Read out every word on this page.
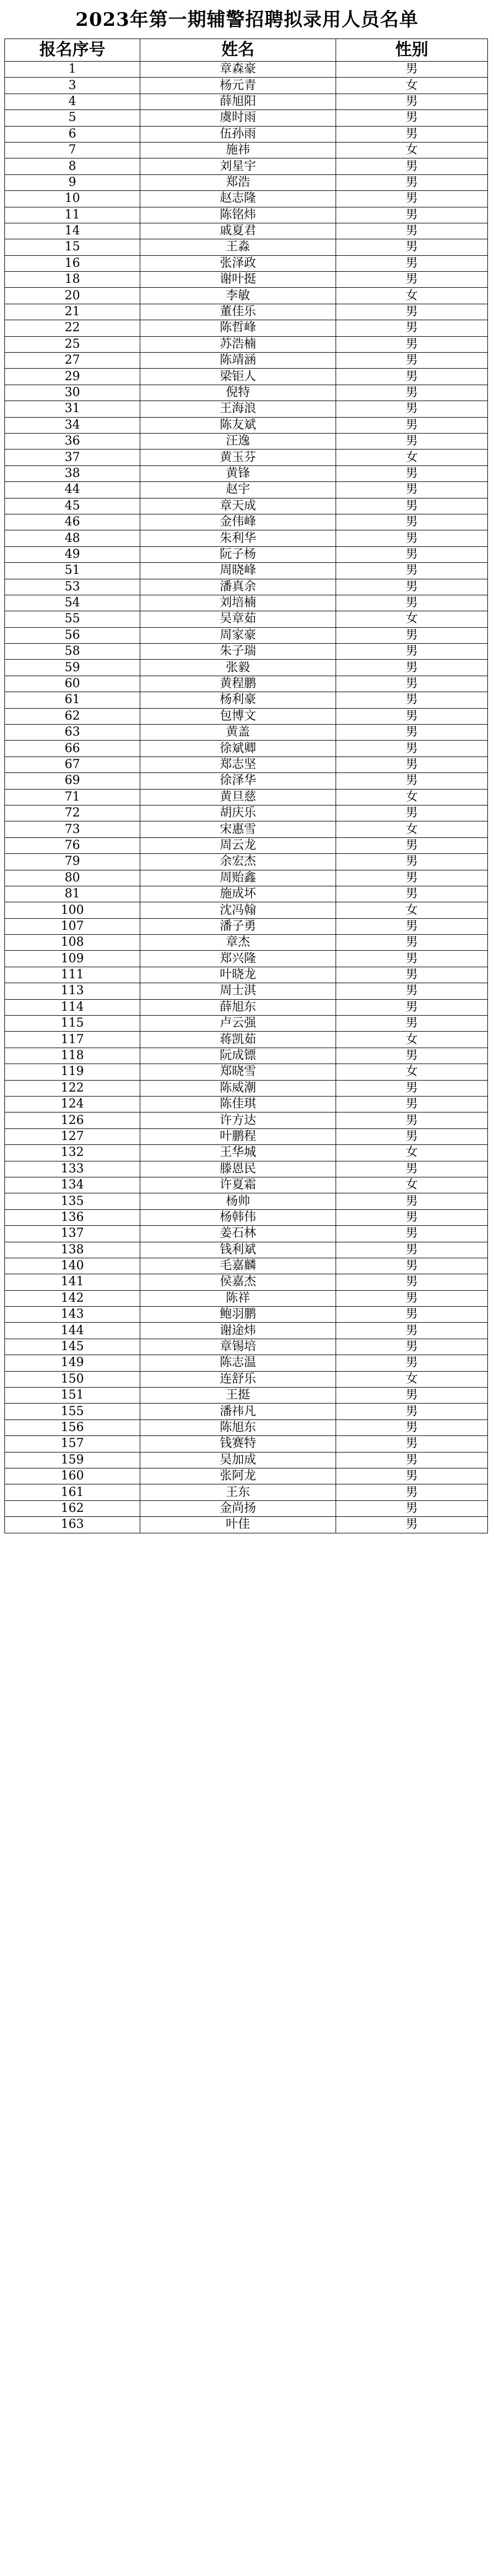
2023年第一期辅警招聘拟录用人员名单
报名序号	姓名	性别
1	章森豪	男
3	杨元青	女
4	薛旭阳	男
5	虞时雨	男
6	伍孙雨	男
7	施祎	女
8	刘星宇	男
9	郑浩	男
10	赵志隆	男
11	陈铭炜	男
14	戚夏君	男
15	王淼	男
16	张泽政	男
18	谢叶挺	男
20	李敏	女
21	董佳乐	男
22	陈哲峰	男
25	苏浩楠	男
27	陈靖涵	男
29	梁钜人	男
30	倪特	男
31	王海浪	男
34	陈友斌	男
36	汪逸	男
37	黄玉芬	女
38	黄锋	男
44	赵宇	男
45	章天成	男
46	金伟峰	男
48	朱利华	男
49	阮子杨	男
51	周晓峰	男
53	潘真余	男
54	刘培楠	男
55	吴章茹	女
56	周家豪	男
58	朱子瑞	男
59	张毅	男
60	黄程鹏	男
61	杨利豪	男
62	包博文	男
63	黄盖	男
66	徐斌卿	男
67	郑志坚	男
69	徐泽华	男
71	黄旦慈	女
72	胡庆乐	男
73	宋惠雪	女
76	周云龙	男
79	余宏杰	男
80	周贻鑫	男
81	施成坏	男
100	沈冯翰	女
107	潘子勇	男
108	章杰	男
109	郑兴隆	男
111	叶晓龙	男
113	周士淇	男
114	薛旭东	男
115	卢云强	男
117	蒋凯茹	女
118	阮成镖	男
119	郑晓雪	女
122	陈威潮	男
124	陈佳琪	男
126	许方达	男
127	叶鹏程	男
132	王华城	女
133	滕恩民	男
134	许夏霜	女
135	杨帅	男
136	杨韩伟	男
137	姜石林	男
138	钱利斌	男
140	毛嘉麟	男
141	侯嘉杰	男
142	陈祥	男
143	鲍羽鹏	男
144	谢途炜	男
145	章锡培	男
149	陈志温	男
150	连舒乐	女
151	王挺	男
155	潘祎凡	男
156	陈旭东	男
157	钱赛特	男
159	吴加成	男
160	张阿龙	男
161	王东	男
162	金尚扬	男
163	叶佳	男
